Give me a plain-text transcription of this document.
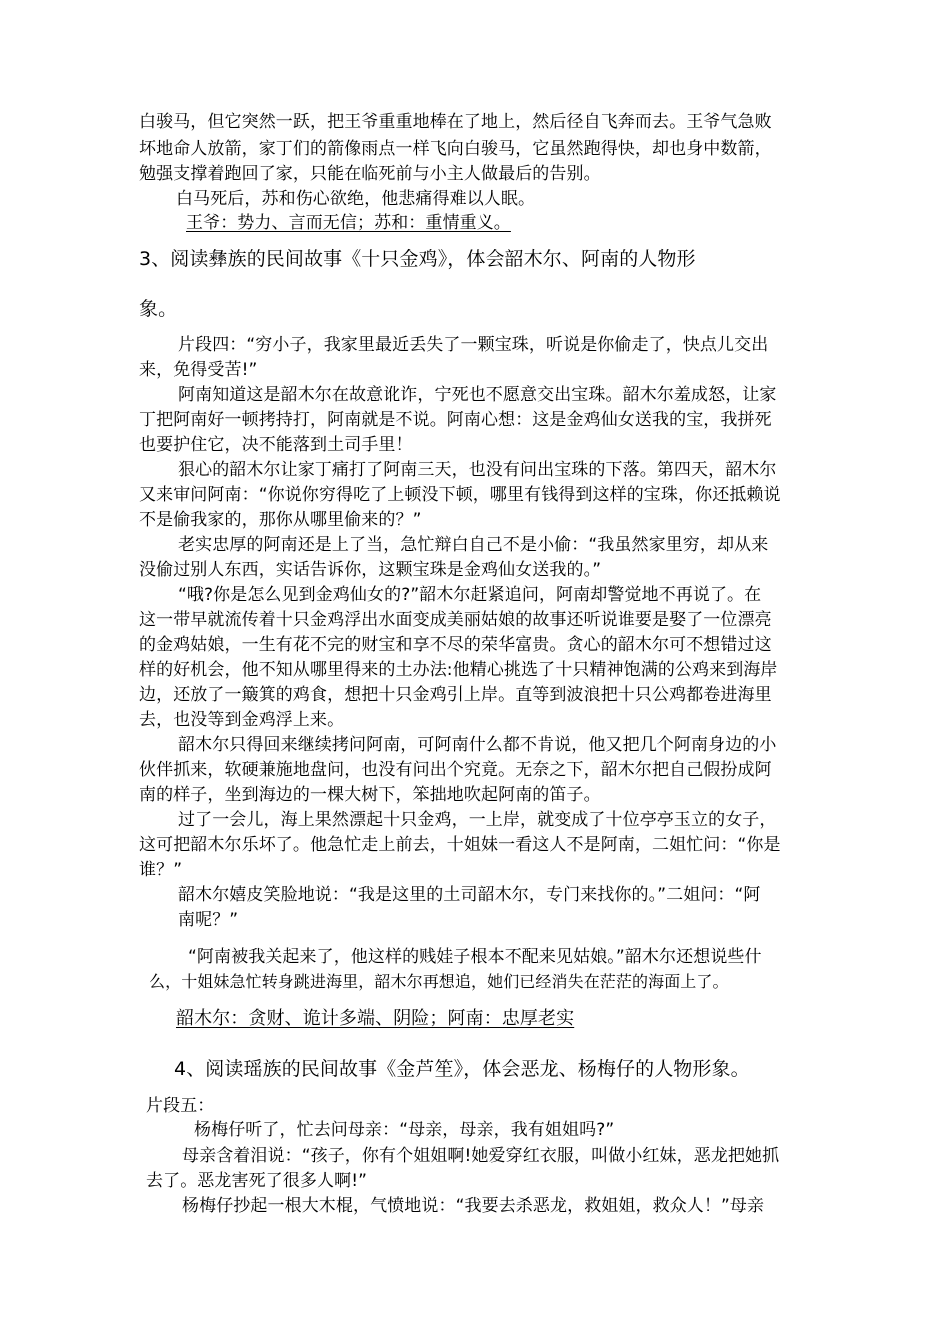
白骏马，但它突然一跃，把王爷重重地棒在了地上，然后径自飞奔而去。王爷气急败
坏地命人放箭，家丁们的箭像雨点一样飞向白骏马，它虽然跑得快，却也身中数箭，
勉强支撑着跑回了家，只能在临死前与小主人做最后的告别。
白马死后，苏和伤心欲绝，他悲痛得难以人眠。
王爷：势力、言而无信；苏和：重情重义。
3、阅读彝族的民间故事《十只金鸡》，体会韶木尔、阿南的人物形
象。
片段四：“穷小子，我家里最近丢失了一颗宝珠，听说是你偷走了，快点儿交出
来，免得受苦!”
阿南知道这是韶木尔在故意讹诈，宁死也不愿意交出宝珠。韶木尔羞成怒，让家
丁把阿南好一顿拷持打，阿南就是不说。阿南心想：这是金鸡仙女送我的宝，我拼死
也要护住它，决不能落到土司手里！
狠心的韶木尔让家丁痛打了阿南三天，也没有问出宝珠的下落。第四天，韶木尔
又来审问阿南：“你说你穷得吃了上顿没下顿，哪里有钱得到这样的宝珠，你还抵赖说
不是偷我家的，那你从哪里偷来的？”
老实忠厚的阿南还是上了当，急忙辩白自己不是小偷：“我虽然家里穷，却从来
没偷过别人东西，实话告诉你，这颗宝珠是金鸡仙女送我的。”
“哦?你是怎么见到金鸡仙女的?”韶木尔赶紧追问，阿南却警觉地不再说了。在
这一带早就流传着十只金鸡浮出水面变成美丽姑娘的故事还听说谁要是娶了一位漂亮
的金鸡姑娘，一生有花不完的财宝和享不尽的荣华富贵。贪心的韶木尔可不想错过这
样的好机会，他不知从哪里得来的土办法:他精心挑选了十只精神饱满的公鸡来到海岸
边，还放了一簸箕的鸡食，想把十只金鸡引上岸。直等到波浪把十只公鸡都卷进海里
去，也没等到金鸡浮上来。
韶木尔只得回来继续拷问阿南，可阿南什么都不肯说，他又把几个阿南身边的小
伙伴抓来，软硬兼施地盘问，也没有问出个究竟。无奈之下，韶木尔把自己假扮成阿
南的样子，坐到海边的一棵大树下，笨拙地吹起阿南的笛子。
过了一会儿，海上果然漂起十只金鸡，一上岸，就变成了十位亭亭玉立的女子，
这可把韶木尔乐坏了。他急忙走上前去，十姐妹一看这人不是阿南，二姐忙问：“你是
谁？”
韶木尔嬉皮笑脸地说：“我是这里的土司韶木尔，专门来找你的。”二姐问：“阿
南呢？”
“阿南被我关起来了，他这样的贱娃子根本不配来见姑娘。”韶木尔还想说些什
么，十姐妹急忙转身跳进海里，韶木尔再想追，她们已经消失在茫茫的海面上了。
韶木尔：贪财、诡计多端、阴险；阿南：忠厚老实
4、阅读瑶族的民间故事《金芦笙》，体会恶龙、杨梅仔的人物形象。
片段五：
杨梅仔听了，忙去问母亲：“母亲，母亲，我有姐姐吗?”
母亲含着泪说：“孩子，你有个姐姐啊!她爱穿红衣服，叫做小红妹，恶龙把她抓
去了。恶龙害死了很多人啊!”
杨梅仔抄起一根大木棍，气愤地说：“我要去杀恶龙，救姐姐，救众人！”母亲
